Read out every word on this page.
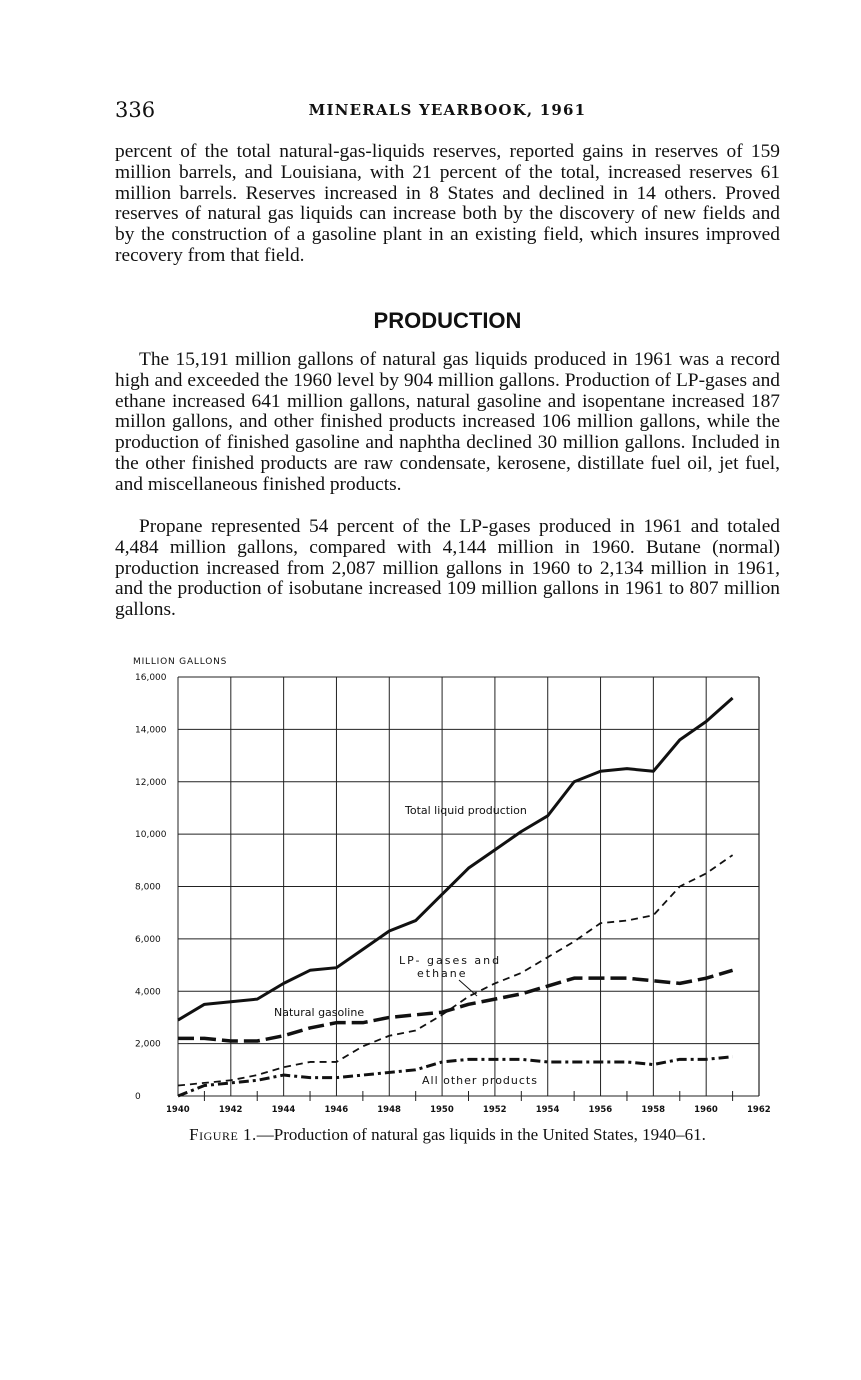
336	MINERALS YEARBOOK, 1961

percent of the total natural-gas-liquids reserves, reported gains in reserves of 159 million barrels, and Louisiana, with 21 percent of the total, increased reserves 61 million barrels. Reserves increased in 8 States and declined in 14 others. Proved reserves of natural gas liquids can increase both by the discovery of new fields and by the construction of a gasoline plant in an existing field, which insures improved recovery from that field.

PRODUCTION

The 15,191 million gallons of natural gas liquids produced in 1961 was a record high and exceeded the 1960 level by 904 million gallons. Production of LP-gases and ethane increased 641 million gallons, natural gasoline and isopentane increased 187 millon gallons, and other finished products increased 106 million gallons, while the production of finished gasoline and naphtha declined 30 million gallons. Included in the other finished products are raw condensate, kerosene, distillate fuel oil, jet fuel, and miscellaneous finished products.

Propane represented 54 percent of the LP-gases produced in 1961 and totaled 4,484 million gallons, compared with 4,144 million in 1960. Butane (normal) production increased from 2,087 million gallons in 1960 to 2,134 million in 1961, and the production of isobutane increased 109 million gallons in 1961 to 807 million gallons.

MILLION GALLONS
0
2,000
4,000
6,000
8,000
10,000
12,000
14,000
16,000
1940	1942	1944	1946	1948	1950	1952	1954	1956	1958	1960	1962
Total liquid production
LP- gases and
ethane
Natural gasoline
All other products
Figure 1.—Production of natural gas liquids in the United States, 1940–61.
